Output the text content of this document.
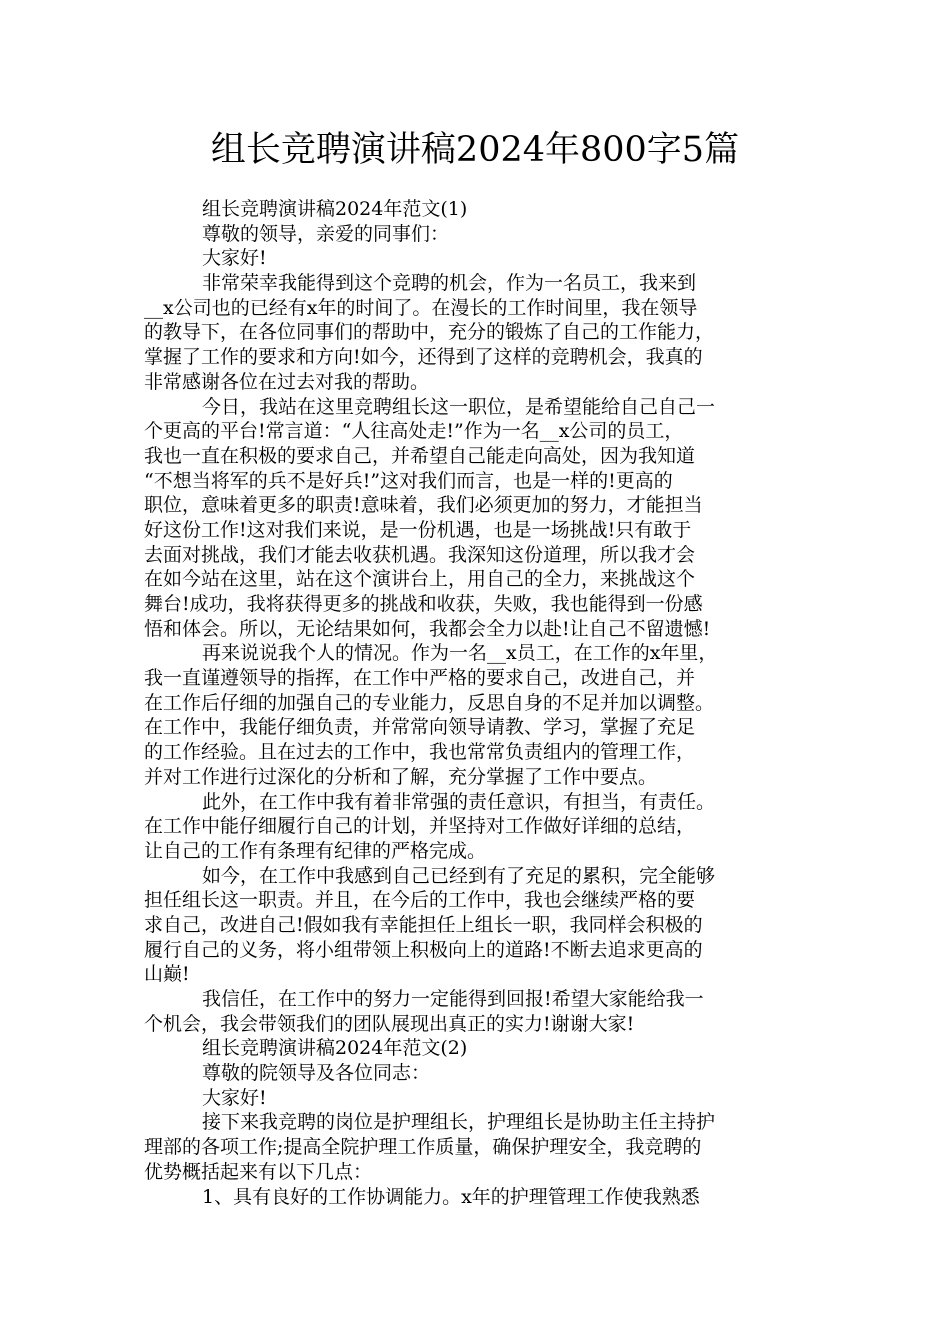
组长竞聘演讲稿2024年800字5篇
组长竞聘演讲稿2024年范文(1)
尊敬的领导，亲爱的同事们：
大家好!
非常荣幸我能得到这个竞聘的机会，作为一名员工，我来到
__x公司也的已经有x年的时间了。在漫长的工作时间里，我在领导
的教导下，在各位同事们的帮助中，充分的锻炼了自己的工作能力，
掌握了工作的要求和方向!如今，还得到了这样的竞聘机会，我真的
非常感谢各位在过去对我的帮助。
今日，我站在这里竞聘组长这一职位，是希望能给自己自己一
个更高的平台!常言道：“人往高处走!”作为一名__x公司的员工，
我也一直在积极的要求自己，并希望自己能走向高处，因为我知道
“不想当将军的兵不是好兵!”这对我们而言，也是一样的!更高的
职位，意味着更多的职责!意味着，我们必须更加的努力，才能担当
好这份工作!这对我们来说，是一份机遇，也是一场挑战!只有敢于
去面对挑战，我们才能去收获机遇。我深知这份道理，所以我才会
在如今站在这里，站在这个演讲台上，用自己的全力，来挑战这个
舞台!成功，我将获得更多的挑战和收获，失败，我也能得到一份感
悟和体会。所以，无论结果如何，我都会全力以赴!让自己不留遗憾!
再来说说我个人的情况。作为一名__x员工，在工作的x年里，
我一直谨遵领导的指挥，在工作中严格的要求自己，改进自己，并
在工作后仔细的加强自己的专业能力，反思自身的不足并加以调整。
在工作中，我能仔细负责，并常常向领导请教、学习，掌握了充足
的工作经验。且在过去的工作中，我也常常负责组内的管理工作，
并对工作进行过深化的分析和了解，充分掌握了工作中要点。
此外，在工作中我有着非常强的责任意识，有担当，有责任。
在工作中能仔细履行自己的计划，并坚持对工作做好详细的总结，
让自己的工作有条理有纪律的严格完成。
如今，在工作中我感到自己已经到有了充足的累积，完全能够
担任组长这一职责。并且，在今后的工作中，我也会继续严格的要
求自己，改进自己!假如我有幸能担任上组长一职，我同样会积极的
履行自己的义务，将小组带领上积极向上的道路!不断去追求更高的
山巅!
我信任，在工作中的努力一定能得到回报!希望大家能给我一
个机会，我会带领我们的团队展现出真正的实力!谢谢大家!
组长竞聘演讲稿2024年范文(2)
尊敬的院领导及各位同志：
大家好!
接下来我竞聘的岗位是护理组长，护理组长是协助主任主持护
理部的各项工作;提高全院护理工作质量，确保护理安全，我竞聘的
优势概括起来有以下几点：
1、具有良好的工作协调能力。x年的护理管理工作使我熟悉
